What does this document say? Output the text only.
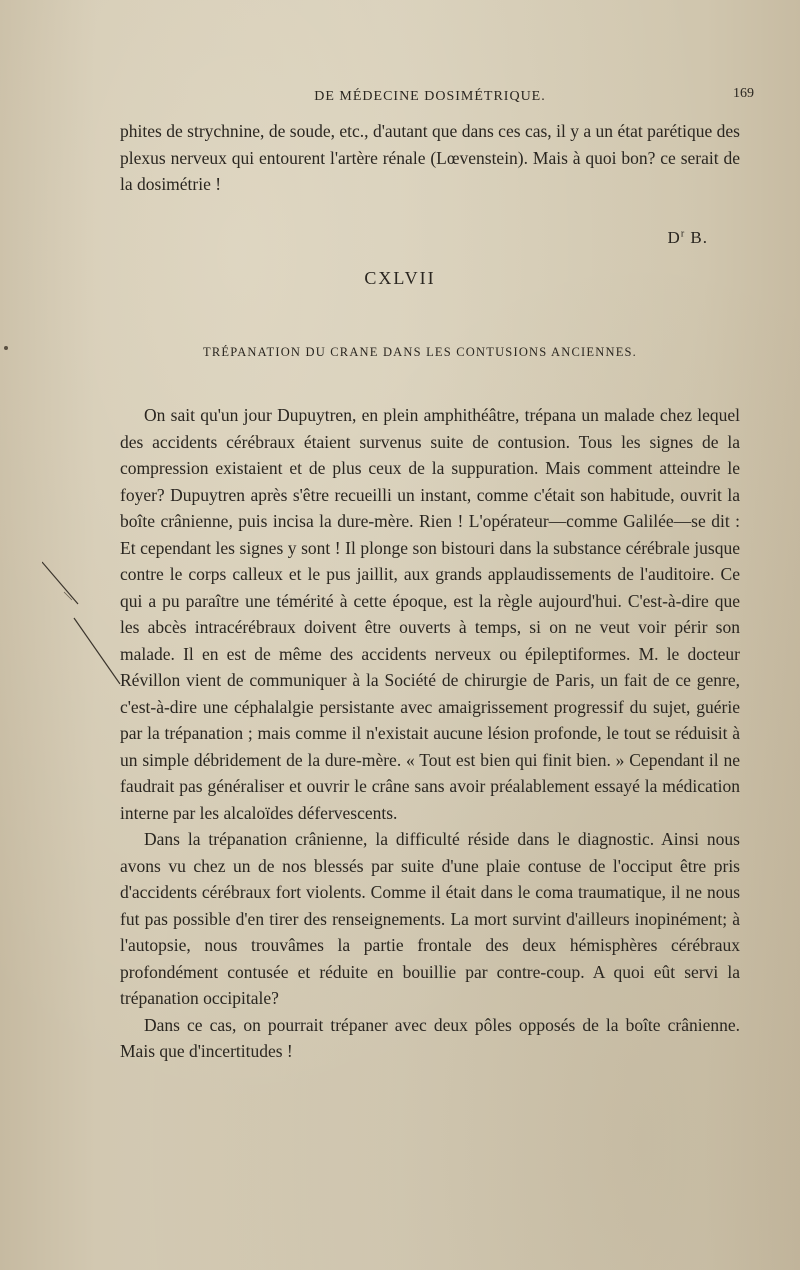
DE MÉDECINE DOSIMÉTRIQUE.	169

phites de strychnine, de soude, etc., d'autant que dans ces cas, il y a un état parétique des plexus nerveux qui entourent l'artère rénale (Lœvenstein). Mais à quoi bon? ce serait de la dosimétrie !

$D^r$ B.
CXLVII
TRÉPANATION DU CRANE DANS LES CONTUSIONS ANCIENNES.

On sait qu'un jour Dupuytren, en plein amphithéâtre, trépana un malade chez lequel des accidents cérébraux étaient survenus suite de contusion. Tous les signes de la compression existaient et de plus ceux de la suppuration. Mais comment atteindre le foyer? Dupuytren après s'être recueilli un instant, comme c'était son habitude, ouvrit la boîte crânienne, puis incisa la dure-mère. Rien ! L'opérateur—comme Galilée—se dit : Et cependant les signes y sont ! Il plonge son bistouri dans la substance cérébrale jusque contre le corps calleux et le pus jaillit, aux grands applaudissements de l'auditoire. Ce qui a pu paraître une témérité à cette époque, est la règle aujourd'hui. C'est-à-dire que les abcès intracérébraux doivent être ouverts à temps, si on ne veut voir périr son malade. Il en est de même des accidents nerveux ou épileptiformes. M. le docteur Révillon vient de communiquer à la Société de chirurgie de Paris, un fait de ce genre, c'est-à-dire une céphalalgie persistante avec amaigrissement progressif du sujet, guérie par la trépanation ; mais comme il n'existait aucune lésion profonde, le tout se réduisit à un simple débridement de la dure-mère. « Tout est bien qui finit bien. » Cependant il ne faudrait pas généraliser et ouvrir le crâne sans avoir préalablement essayé la médication interne par les alcaloïdes défervescents.

Dans la trépanation crânienne, la difficulté réside dans le diagnostic. Ainsi nous avons vu chez un de nos blessés par suite d'une plaie contuse de l'occiput être pris d'accidents cérébraux fort violents. Comme il était dans le coma traumatique, il ne nous fut pas possible d'en tirer des renseignements. La mort survint d'ailleurs inopinément; à l'autopsie, nous trouvâmes la partie frontale des deux hémisphères cérébraux profondément contusée et réduite en bouillie par contre-coup. A quoi eût servi la trépanation occipitale?

Dans ce cas, on pourrait trépaner avec deux pôles opposés de la boîte crânienne. Mais que d'incertitudes !
